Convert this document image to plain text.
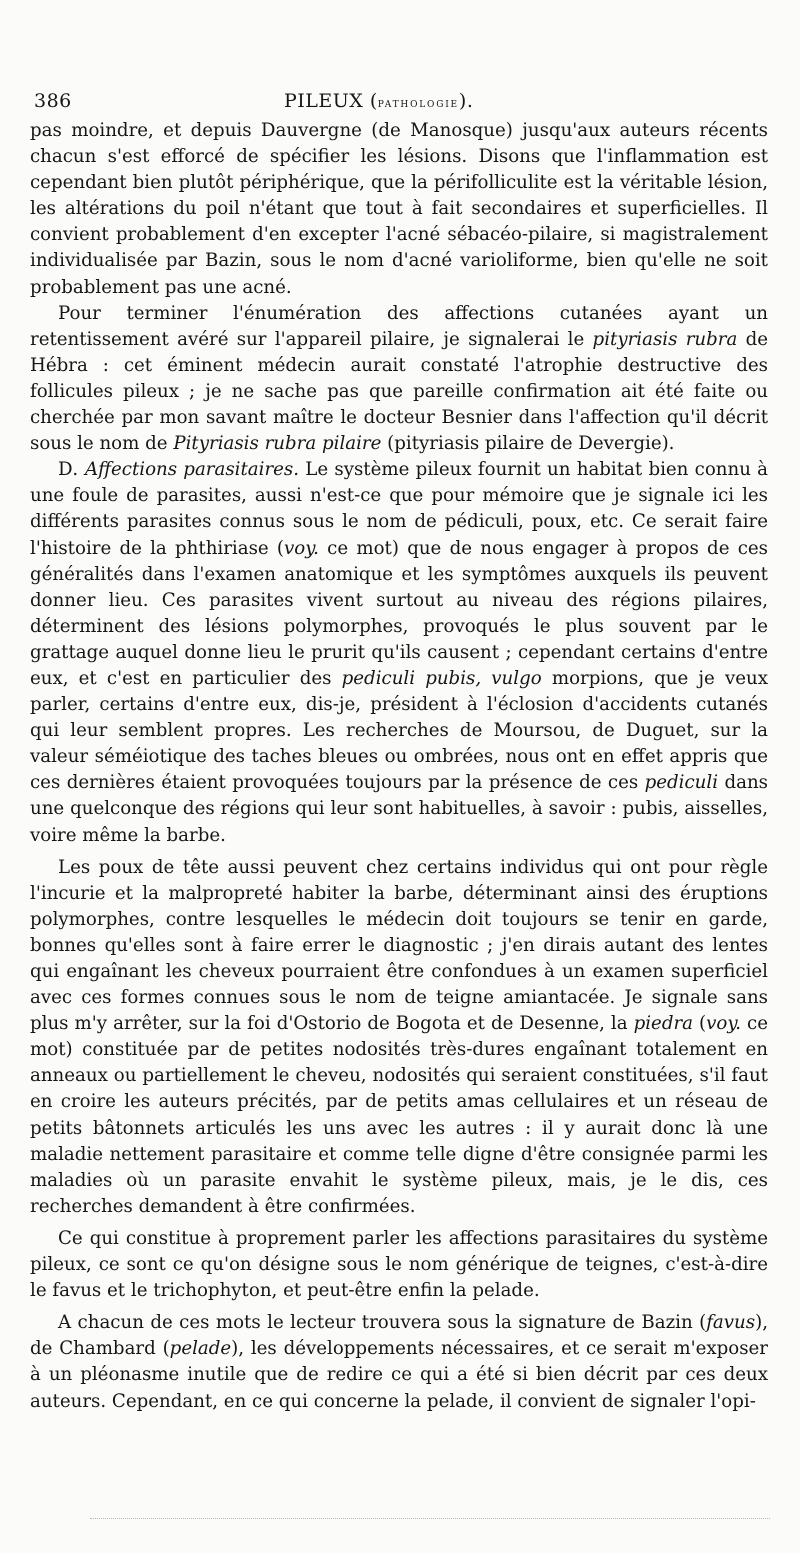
386	PILEUX (pathologie).

pas moindre, et depuis Dauvergne (de Manosque) jusqu'aux auteurs récents chacun s'est efforcé de spécifier les lésions. Disons que l'inflammation est cependant bien plutôt périphérique, que la périfolliculite est la véritable lésion, les altérations du poil n'étant que tout à fait secondaires et superficielles. Il convient probablement d'en excepter l'acné sébacéo-pilaire, si magistralement individualisée par Bazin, sous le nom d'acné varioliforme, bien qu'elle ne soit probablement pas une acné.

Pour terminer l'énumération des affections cutanées ayant un retentissement avéré sur l'appareil pilaire, je signalerai le pityriasis rubra de Hébra : cet éminent médecin aurait constaté l'atrophie destructive des follicules pileux ; je ne sache pas que pareille confirmation ait été faite ou cherchée par mon savant maître le docteur Besnier dans l'affection qu'il décrit sous le nom de Pityriasis rubra pilaire (pityriasis pilaire de Devergie).

D. Affections parasitaires. Le système pileux fournit un habitat bien connu à une foule de parasites, aussi n'est-ce que pour mémoire que je signale ici les différents parasites connus sous le nom de pédiculi, poux, etc. Ce serait faire l'histoire de la phthiriase (voy. ce mot) que de nous engager à propos de ces généralités dans l'examen anatomique et les symptômes auxquels ils peuvent donner lieu. Ces parasites vivent surtout au niveau des régions pilaires, déterminent des lésions polymorphes, provoqués le plus souvent par le grattage auquel donne lieu le prurit qu'ils causent ; cependant certains d'entre eux, et c'est en particulier des pediculi pubis, vulgo morpions, que je veux parler, certains d'entre eux, dis-je, président à l'éclosion d'accidents cutanés qui leur semblent propres. Les recherches de Moursou, de Duguet, sur la valeur séméiotique des taches bleues ou ombrées, nous ont en effet appris que ces dernières étaient provoquées toujours par la présence de ces pediculi dans une quelconque des régions qui leur sont habituelles, à savoir : pubis, aisselles, voire même la barbe.

Les poux de tête aussi peuvent chez certains individus qui ont pour règle l'incurie et la malpropreté habiter la barbe, déterminant ainsi des éruptions polymorphes, contre lesquelles le médecin doit toujours se tenir en garde, bonnes qu'elles sont à faire errer le diagnostic ; j'en dirais autant des lentes qui engaînant les cheveux pourraient être confondues à un examen superficiel avec ces formes connues sous le nom de teigne amiantacée. Je signale sans plus m'y arrêter, sur la foi d'Ostorio de Bogota et de Desenne, la piedra (voy. ce mot) constituée par de petites nodosités très-dures engaînant totalement en anneaux ou partiellement le cheveu, nodosités qui seraient constituées, s'il faut en croire les auteurs précités, par de petits amas cellulaires et un réseau de petits bâtonnets articulés les uns avec les autres : il y aurait donc là une maladie nettement parasitaire et comme telle digne d'être consignée parmi les maladies où un parasite envahit le système pileux, mais, je le dis, ces recherches demandent à être confirmées.

Ce qui constitue à proprement parler les affections parasitaires du système pileux, ce sont ce qu'on désigne sous le nom générique de teignes, c'est-à-dire le favus et le trichophyton, et peut-être enfin la pelade.

A chacun de ces mots le lecteur trouvera sous la signature de Bazin (favus), de Chambard (pelade), les développements nécessaires, et ce serait m'exposer à un pléonasme inutile que de redire ce qui a été si bien décrit par ces deux auteurs. Cependant, en ce qui concerne la pelade, il convient de signaler l'opi-
